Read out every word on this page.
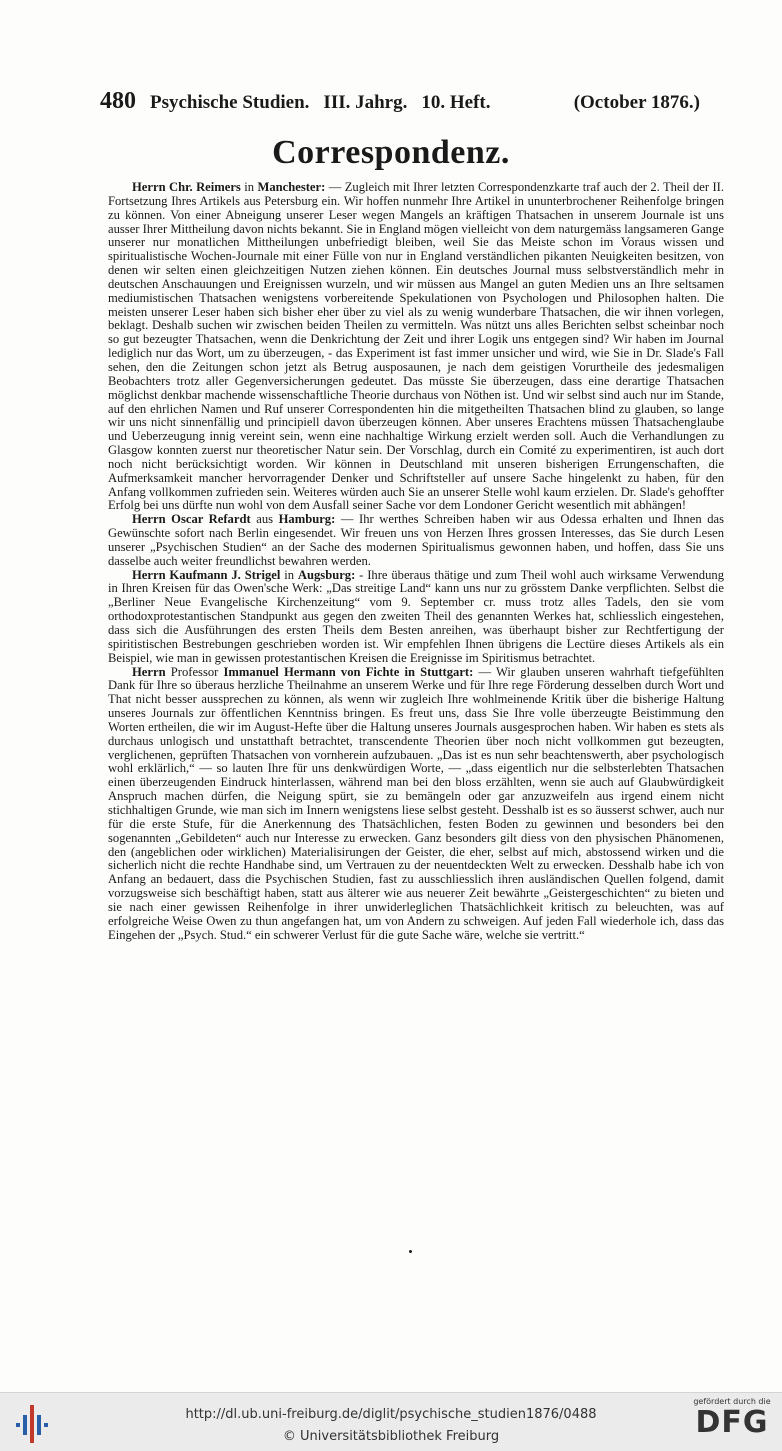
480 Psychische Studien. III. Jahrg. 10. Heft.	(October 1876.)
Correspondenz.

Herrn Chr. Reimers in Manchester: — Zugleich mit Ihrer letzten Correspondenzkarte traf auch der 2. Theil der II. Fortsetzung Ihres Artikels aus Petersburg ein. Wir hoffen nunmehr Ihre Artikel in ununterbrochener Reihenfolge bringen zu können. Von einer Abneigung unserer Leser wegen Mangels an kräftigen Thatsachen in unserem Journale ist uns ausser Ihrer Mittheilung davon nichts bekannt. Sie in England mögen vielleicht von dem naturgemäss langsameren Gange unserer nur monatlichen Mittheilungen unbefriedigt bleiben, weil Sie das Meiste schon im Voraus wissen und spiritualistische Wochen-Journale mit einer Fülle von nur in England verständlichen pikanten Neuigkeiten besitzen, von denen wir selten einen gleichzeitigen Nutzen ziehen können. Ein deutsches Journal muss selbstverständlich mehr in deutschen Anschauungen und Ereignissen wurzeln, und wir müssen aus Mangel an guten Medien uns an Ihre seltsamen mediumistischen Thatsachen wenigstens vorbereitende Spekulationen von Psychologen und Philosophen halten. Die meisten unserer Leser haben sich bisher eher über zu viel als zu wenig wunderbare Thatsachen, die wir ihnen vorlegen, beklagt. Deshalb suchen wir zwischen beiden Theilen zu vermitteln. Was nützt uns alles Berichten selbst scheinbar noch so gut bezeugter Thatsachen, wenn die Denkrichtung der Zeit und ihrer Logik uns entgegen sind? Wir haben im Journal lediglich nur das Wort, um zu überzeugen, - das Experiment ist fast immer unsicher und wird, wie Sie in Dr. Slade's Fall sehen, den die Zeitungen schon jetzt als Betrug ausposaunen, je nach dem geistigen Vorurtheile des jedesmaligen Beobachters trotz aller Gegenversicherungen gedeutet. Das müsste Sie überzeugen, dass eine derartige Thatsachen möglichst denkbar machende wissenschaftliche Theorie durchaus von Nöthen ist. Und wir selbst sind auch nur im Stande, auf den ehrlichen Namen und Ruf unserer Correspondenten hin die mitgetheilten Thatsachen blind zu glauben, so lange wir uns nicht sinnenfällig und principiell davon überzeugen können. Aber unseres Erachtens müssen Thatsachenglaube und Ueberzeugung innig vereint sein, wenn eine nachhaltige Wirkung erzielt werden soll. Auch die Verhandlungen zu Glasgow konnten zuerst nur theoretischer Natur sein. Der Vorschlag, durch ein Comité zu experimentiren, ist auch dort noch nicht berücksichtigt worden. Wir können in Deutschland mit unseren bisherigen Errungenschaften, die Aufmerksamkeit mancher hervorragender Denker und Schriftsteller auf unsere Sache hingelenkt zu haben, für den Anfang vollkommen zufrieden sein. Weiteres würden auch Sie an unserer Stelle wohl kaum erzielen. Dr. Slade's gehoffter Erfolg bei uns dürfte nun wohl von dem Ausfall seiner Sache vor dem Londoner Gericht wesentlich mit abhängen!

Herrn Oscar Refardt aus Hamburg: — Ihr werthes Schreiben haben wir aus Odessa erhalten und Ihnen das Gewünschte sofort nach Berlin eingesendet. Wir freuen uns von Herzen Ihres grossen Interesses, das Sie durch Lesen unserer „Psychischen Studien“ an der Sache des modernen Spiritualismus gewonnen haben, und hoffen, dass Sie uns dasselbe auch weiter freundlichst bewahren werden.

Herrn Kaufmann J. Strigel in Augsburg: - Ihre überaus thätige und zum Theil wohl auch wirksame Verwendung in Ihren Kreisen für das Owen'sche Werk: „Das streitige Land“ kann uns nur zu grösstem Danke verpflichten. Selbst die „Berliner Neue Evangelische Kirchenzeitung“ vom 9. September cr. muss trotz alles Tadels, den sie vom orthodoxprotestantischen Standpunkt aus gegen den zweiten Theil des genannten Werkes hat, schliesslich eingestehen, dass sich die Ausführungen des ersten Theils dem Besten anreihen, was überhaupt bisher zur Rechtfertigung der spiritistischen Bestrebungen geschrieben worden ist. Wir empfehlen Ihnen übrigens die Lectüre dieses Artikels als ein Beispiel, wie man in gewissen protestantischen Kreisen die Ereignisse im Spiritismus betrachtet.

Herrn Professor Immanuel Hermann von Fichte in Stuttgart: — Wir glauben unseren wahrhaft tiefgefühlten Dank für Ihre so überaus herzliche Theilnahme an unserem Werke und für Ihre rege Förderung desselben durch Wort und That nicht besser aussprechen zu können, als wenn wir zugleich Ihre wohlmeinende Kritik über die bisherige Haltung unseres Journals zur öffentlichen Kenntniss bringen. Es freut uns, dass Sie Ihre volle überzeugte Beistimmung den Worten ertheilen, die wir im August-Hefte über die Haltung unseres Journals ausgesprochen haben. Wir haben es stets als durchaus unlogisch und unstatthaft betrachtet, transcendente Theorien über noch nicht vollkommen gut bezeugten, verglichenen, geprüften Thatsachen von vornherein aufzubauen. „Das ist es nun sehr beachtenswerth, aber psychologisch wohl erklärlich,“ — so lauten Ihre für uns denkwürdigen Worte, — „dass eigentlich nur die selbsterlebten Thatsachen einen überzeugenden Eindruck hinterlassen, während man bei den bloss erzählten, wenn sie auch auf Glaubwürdigkeit Anspruch machen dürfen, die Neigung spürt, sie zu bemängeln oder gar anzuzweifeln aus irgend einem nicht stichhaltigen Grunde, wie man sich im Innern wenigstens liese selbst gesteht. Desshalb ist es so äusserst schwer, auch nur für die erste Stufe, für die Anerkennung des Thatsächlichen, festen Boden zu gewinnen und besonders bei den sogenannten „Gebildeten“ auch nur Interesse zu erwecken. Ganz besonders gilt diess von den physischen Phänomenen, den (angeblichen oder wirklichen) Materialisirungen der Geister, die eher, selbst auf mich, abstossend wirken und die sicherlich nicht die rechte Handhabe sind, um Vertrauen zu der neuentdeckten Welt zu erwecken. Desshalb habe ich von Anfang an bedauert, dass die Psychischen Studien, fast zu ausschliesslich ihren ausländischen Quellen folgend, damit vorzugsweise sich beschäftigt haben, statt aus älterer wie aus neuerer Zeit bewährte „Geistergeschichten“ zu bieten und sie nach einer gewissen Reihenfolge in ihrer unwiderleglichen Thatsächlichkeit kritisch zu beleuchten, was auf erfolgreiche Weise Owen zu thun angefangen hat, um von Andern zu schweigen. Auf jeden Fall wiederhole ich, dass das Eingehen der „Psych. Stud.“ ein schwerer Verlust für die gute Sache wäre, welche sie vertritt.“

http://dl.ub.uni-freiburg.de/diglit/psychische_studien1876/0488
© Universitätsbibliothek Freiburg
gefördert durch die
DFG
